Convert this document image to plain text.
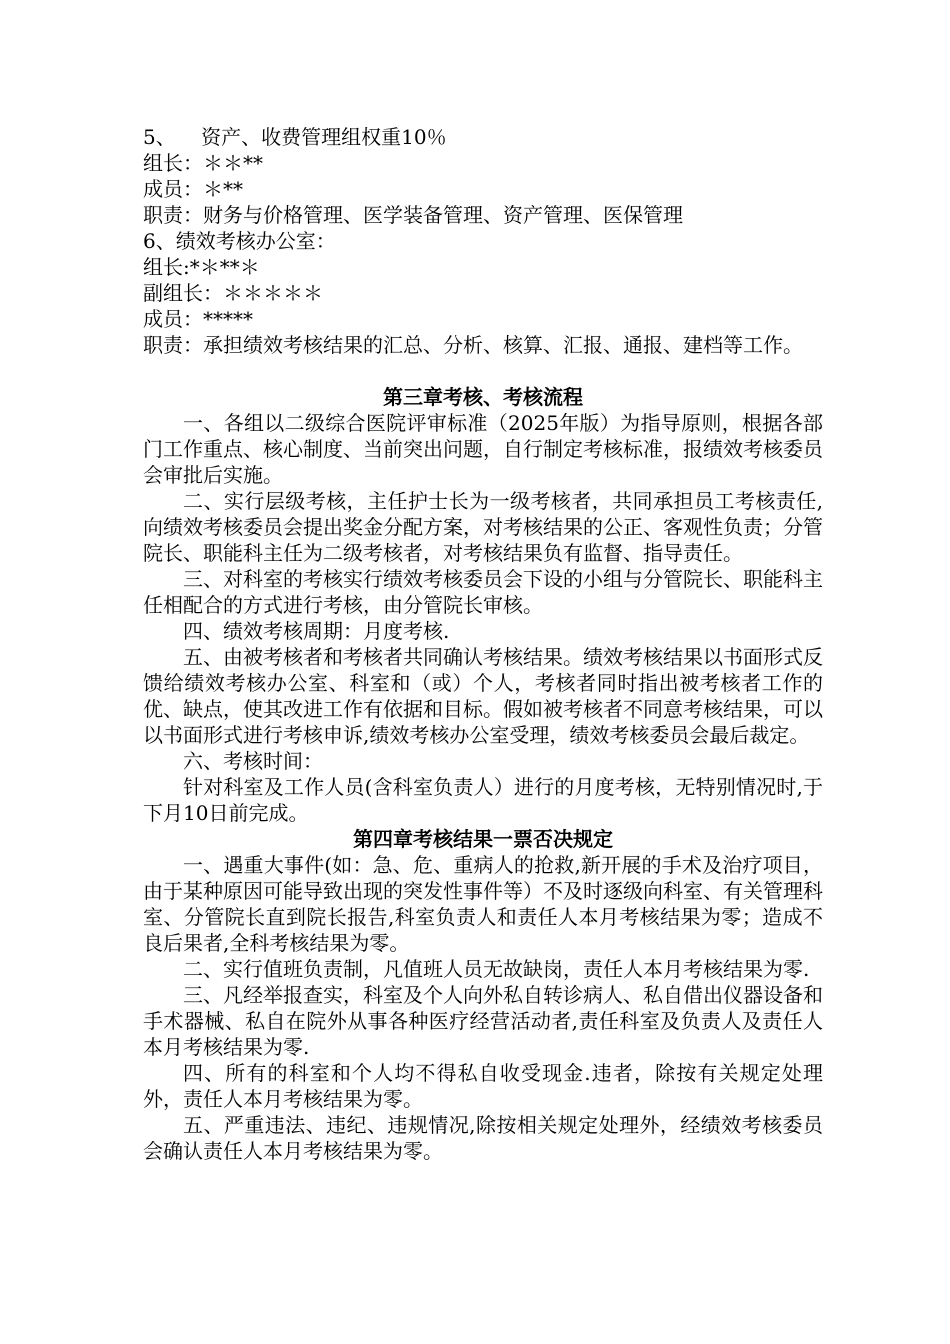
5、    资产、收费管理组权重10％

组长：＊＊**

成员：＊**

职责：财务与价格管理、医学装备管理、资产管理、医保管理

6、绩效考核办公室：

组长:*＊**＊

副组长：＊＊＊＊＊

成员：*****

职责：承担绩效考核结果的汇总、分析、核算、汇报、通报、建档等工作。

第三章考核、考核流程

一、各组以二级综合医院评审标准（2025年版）为指导原则，根据各部门工作重点、核心制度、当前突出问题，自行制定考核标准，报绩效考核委员会审批后实施。

二、实行层级考核，主任护士长为一级考核者，共同承担员工考核责任,向绩效考核委员会提出奖金分配方案，对考核结果的公正、客观性负责；分管院长、职能科主任为二级考核者，对考核结果负有监督、指导责任。

三、对科室的考核实行绩效考核委员会下设的小组与分管院长、职能科主任相配合的方式进行考核，由分管院长审核。

四、绩效考核周期：月度考核.

五、由被考核者和考核者共同确认考核结果。绩效考核结果以书面形式反馈给绩效考核办公室、科室和（或）个人，考核者同时指出被考核者工作的优、缺点，使其改进工作有依据和目标。假如被考核者不同意考核结果，可以以书面形式进行考核申诉,绩效考核办公室受理，绩效考核委员会最后裁定。

六、考核时间：

针对科室及工作人员(含科室负责人）进行的月度考核，无特别情况时,于下月10日前完成。

第四章考核结果一票否决规定

一、遇重大事件(如：急、危、重病人的抢救,新开展的手术及治疗项目，由于某种原因可能导致出现的突发性事件等）不及时逐级向科室、有关管理科室、分管院长直到院长报告,科室负责人和责任人本月考核结果为零；造成不良后果者,全科考核结果为零。

二、实行值班负责制，凡值班人员无故缺岗，责任人本月考核结果为零.

三、凡经举报查实，科室及个人向外私自转诊病人、私自借出仪器设备和手术器械、私自在院外从事各种医疗经营活动者,责任科室及负责人及责任人本月考核结果为零.

四、所有的科室和个人均不得私自收受现金.违者，除按有关规定处理外，责任人本月考核结果为零。

五、严重违法、违纪、违规情况,除按相关规定处理外，经绩效考核委员会确认责任人本月考核结果为零。
